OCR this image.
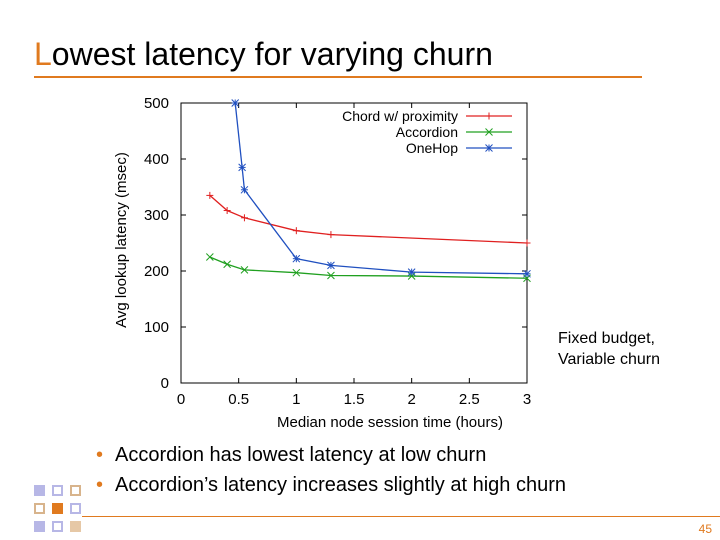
Lowest latency for varying churn
0	0.5	1	1.5	2	2.5	3
0
100
200
300
400
500
Median node session time (hours)
Avg lookup latency (msec)
Chord w/ proximity
Accordion
OneHop
Fixed budget,
Variable churn
• Accordion has lowest latency at low churn
• Accordion’s latency increases slightly at high churn
45
